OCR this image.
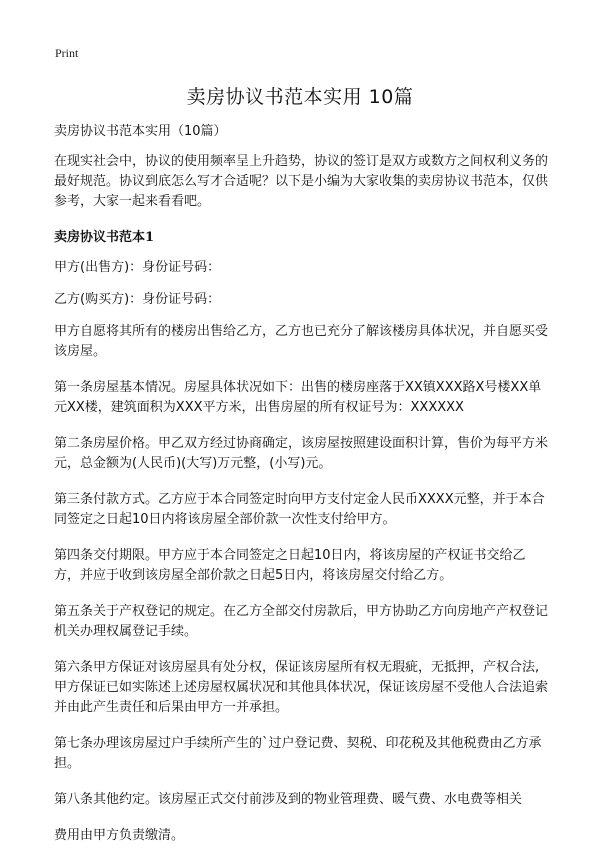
Print

卖房协议书范本实用 10篇

卖房协议书范本实用（10篇）

在现实社会中，协议的使用频率呈上升趋势，协议的签订是双方或数方之间权利义务的最好规范。协议到底怎么写才合适呢？以下是小编为大家收集的卖房协议书范本，仅供参考，大家一起来看看吧。

卖房协议书范本1

甲方(出售方)：身份证号码：

乙方(购买方)：身份证号码：

甲方自愿将其所有的楼房出售给乙方，乙方也已充分了解该楼房具体状况，并自愿买受该房屋。

第一条房屋基本情况。房屋具体状况如下：出售的楼房座落于XX镇XXX路X号楼XX单元XX楼，建筑面积为XXX平方米，出售房屋的所有权证号为：XXXXXX

第二条房屋价格。甲乙双方经过协商确定，该房屋按照建设面积计算，售价为每平方米元，总金额为(人民币)(大写)万元整，(小写)元。

第三条付款方式。乙方应于本合同签定时向甲方支付定金人民币XXXX元整，并于本合同签定之日起10日内将该房屋全部价款一次性支付给甲方。

第四条交付期限。甲方应于本合同签定之日起10日内，将该房屋的产权证书交给乙方，并应于收到该房屋全部价款之日起5日内，将该房屋交付给乙方。

第五条关于产权登记的规定。在乙方全部交付房款后，甲方协助乙方向房地产产权登记机关办理权属登记手续。

第六条甲方保证对该房屋具有处分权，保证该房屋所有权无瑕疵，无抵押，产权合法,甲方保证已如实陈述上述房屋权属状况和其他具体状况，保证该房屋不受他人合法追索并由此产生责任和后果由甲方一并承担。

第七条办理该房屋过户手续所产生的`过户登记费、契税、印花税及其他税费由乙方承担。

第八条其他约定。该房屋正式交付前涉及到的物业管理费、暖气费、水电费等相关

费用由甲方负责缴清。
